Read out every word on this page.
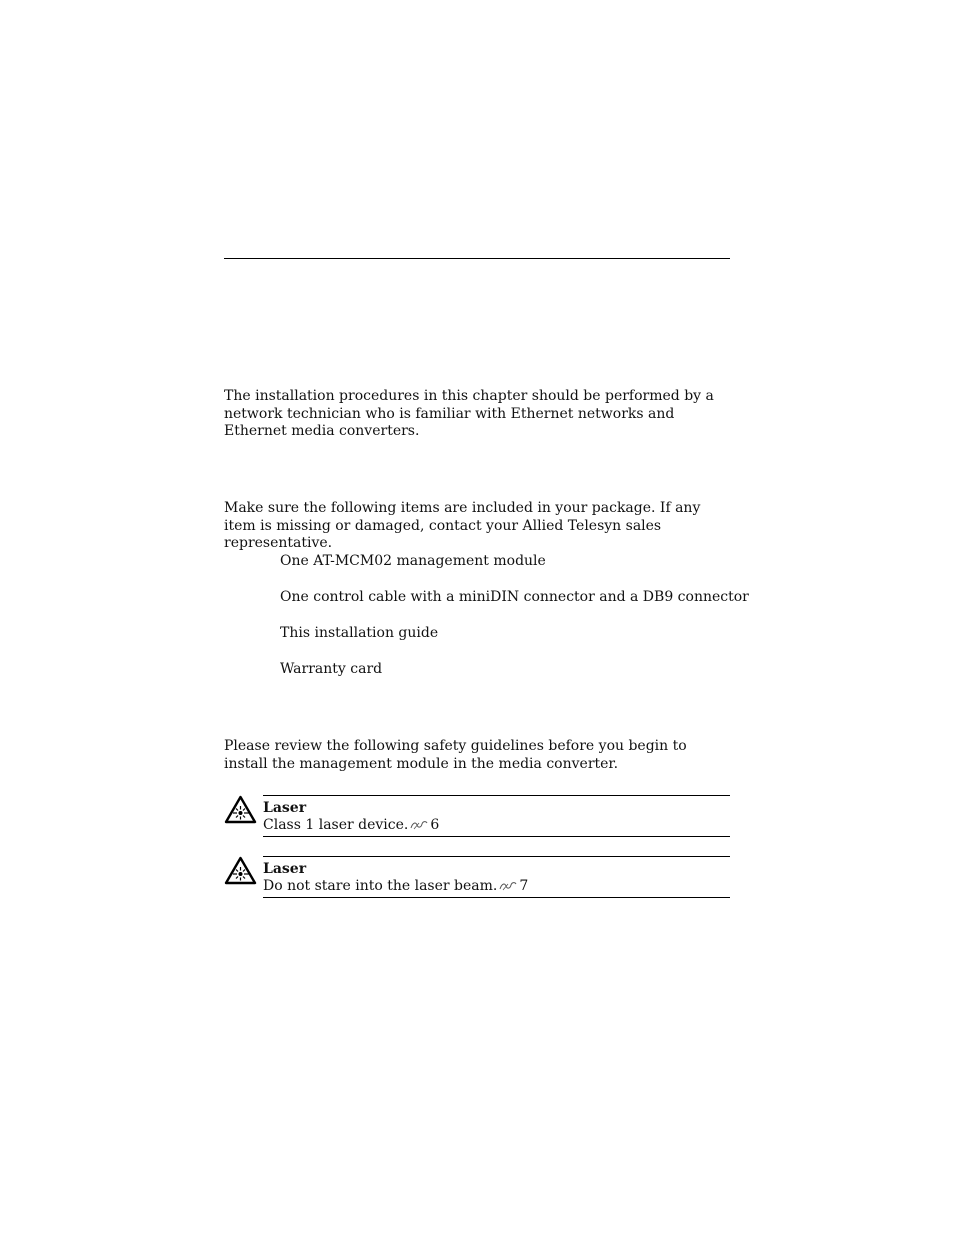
The installation procedures in this chapter should be performed by a network technician who is familiar with Ethernet networks and Ethernet media converters.

Make sure the following items are included in your package. If any item is missing or damaged, contact your Allied Telesyn sales representative.

One AT-MCM02 management module
One control cable with a miniDIN connector and a DB9 connector
This installation guide
Warranty card

Please review the following safety guidelines before you begin to install the management module in the media converter.

Laser
Class 1 laser device. 6
Laser
Do not stare into the laser beam. 7
